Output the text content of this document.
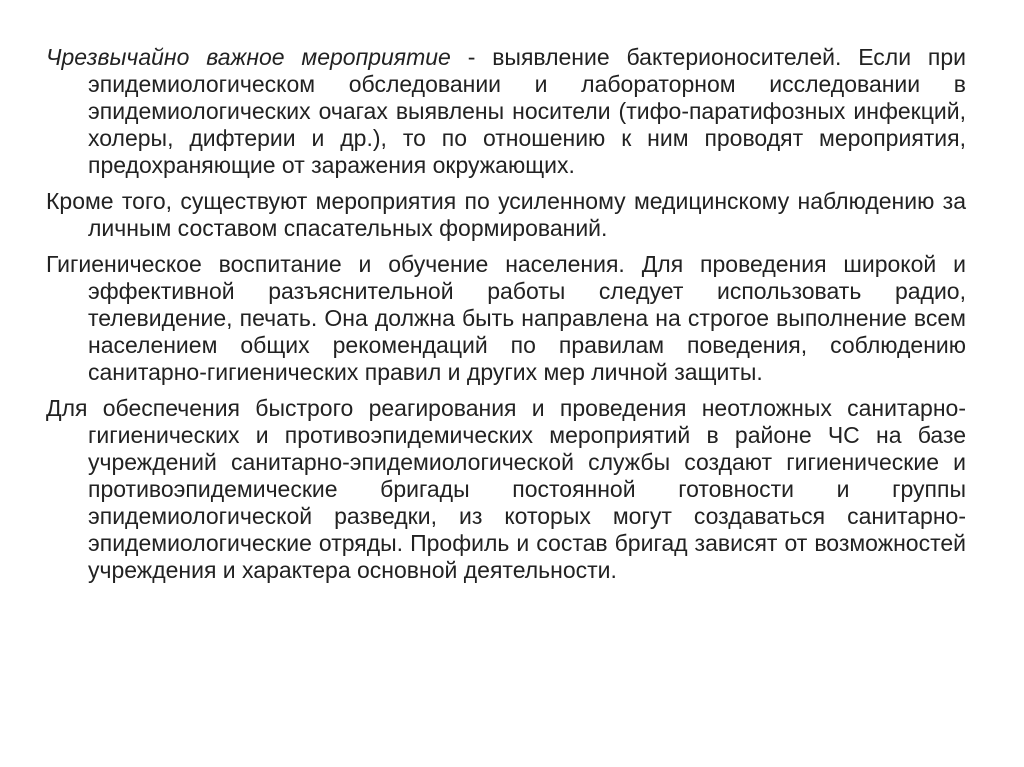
Чрезвычайно важное мероприятие - выявление бактерионосителей. Если при эпидемиологическом обследовании и лабораторном исследовании в эпидемиологических очагах выявлены носители (тифо-паратифозных инфекций, холеры, дифтерии и др.), то по отношению к ним проводят мероприятия, предохраняющие от заражения окружающих.

Кроме того, существуют мероприятия по усиленному медицинскому наблюдению за личным составом спасательных формирований.

Гигиеническое воспитание и обучение населения. Для проведения широкой и эффективной разъяснительной работы следует использовать радио, телевидение, печать. Она должна быть направлена на строгое выполнение всем населением общих рекомендаций по правилам поведения, соблюдению санитарно-гигиенических правил и других мер личной защиты.

Для обеспечения быстрого реагирования и проведения неотложных санитарно-гигиенических и противоэпидемических мероприятий в районе ЧС на базе учреждений санитарно-эпидемиологической службы создают гигиенические и противоэпидемические бригады постоянной готовности и группы эпидемиологической разведки, из которых могут создаваться санитарно-эпидемиологические отряды. Профиль и состав бригад зависят от возможностей учреждения и характера основной деятельности.
